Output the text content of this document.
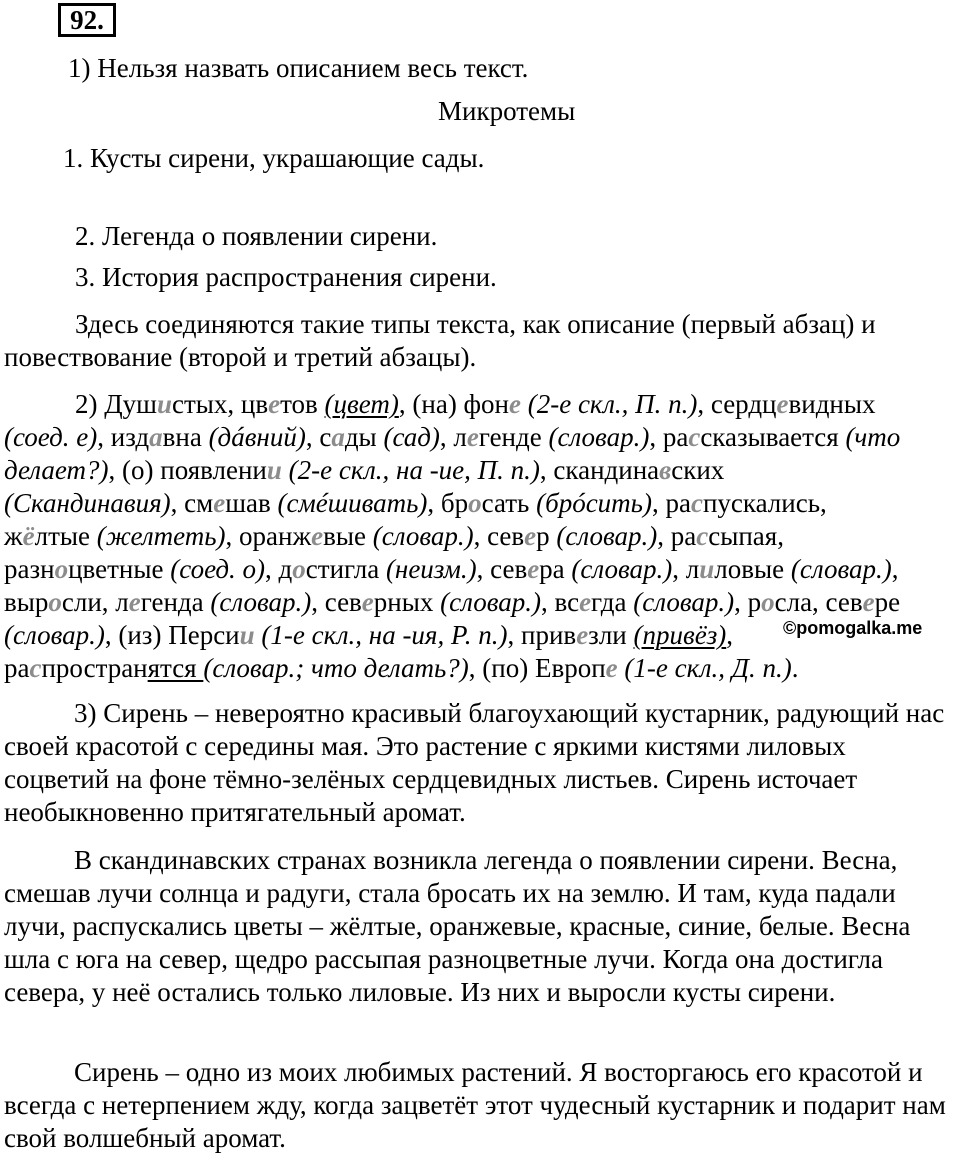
92.
1) Нельзя назвать описанием весь текст.
Микротемы
1. Кусты сирени, украшающие сады.
2. Легенда о появлении сирени.
3. История распространения сирени.
Здесь соединяются такие типы текста, как описание (первый абзац) и
повествование (второй и третий абзацы).
2) Душистых, цветов (цвет), (на) фоне (2-е скл., П. п.), сердцевидных
(соед. е), издавна (дáвний), сады (сад), легенде (словар.), рассказывается (что
делает?), (о) появлении (2-е скл., на -ие, П. п.), скандинавских
(Скандинавия), смешав (смéшивать), бросать (брóсить), распускались,
жёлтые (желтеть), оранжевые (словар.), север (словар.), рассыпая,
разноцветные (соед. о), достигла (неизм.), севера (словар.), лиловые (словар.),
выросли, легенда (словар.), северных (словар.), всегда (словар.), росла, севере
(словар.), (из) Персии (1-е скл., на -ия, Р. п.), привезли (привёз),	©pomogalka.me
распространятся (словар.; что делать?), (по) Европе (1-е скл., Д. п.).
3) Сирень – невероятно красивый благоухающий кустарник, радующий нас своей красотой с середины мая. Это растение с яркими кистями лиловых соцветий на фоне тёмно-зелёных сердцевидных листьев. Сирень источает необыкновенно притягательный аромат.
В скандинавских странах возникла легенда о появлении сирени. Весна, смешав лучи солнца и радуги, стала бросать их на землю. И там, куда падали лучи, распускались цветы – жёлтые, оранжевые, красные, синие, белые. Весна шла с юга на север, щедро рассыпая разноцветные лучи. Когда она достигла севера, у неё остались только лиловые. Из них и выросли кусты сирени.
Сирень – одно из моих любимых растений. Я восторгаюсь его красотой и всегда с нетерпением жду, когда зацветёт этот чудесный кустарник и подарит нам свой волшебный аромат.
